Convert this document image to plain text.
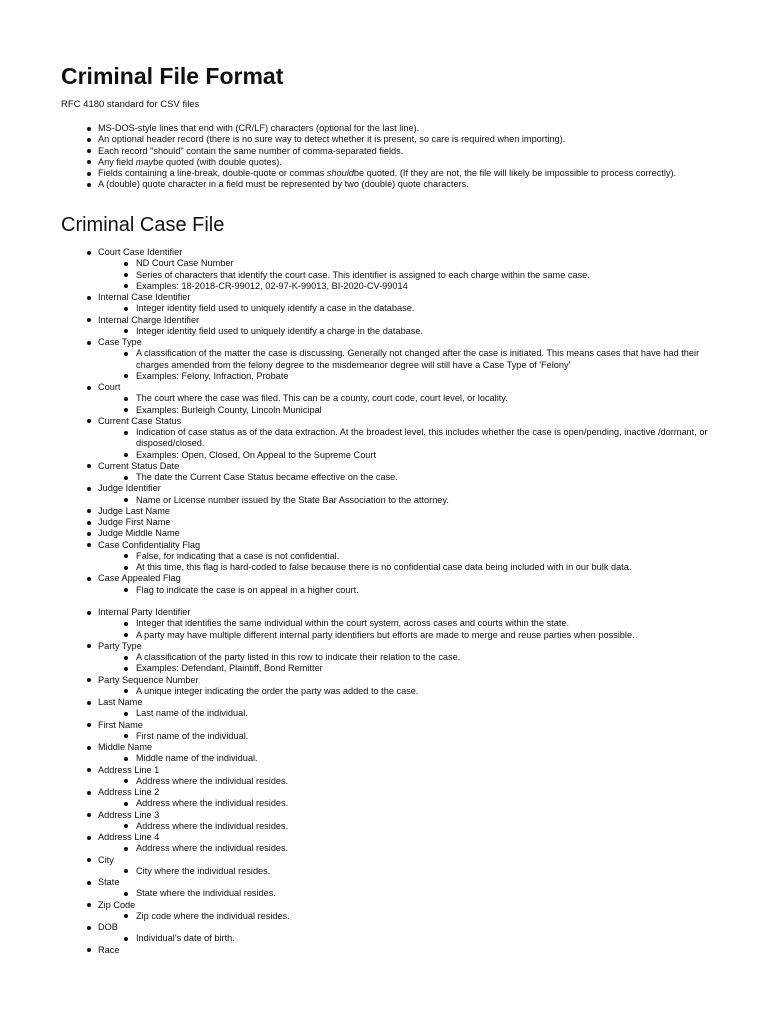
Criminal File Format
RFC 4180 standard for CSV files
MS-DOS-style lines that end with (CR/LF) characters (optional for the last line).
An optional header record (there is no sure way to detect whether it is present, so care is required when importing).
Each record "should" contain the same number of comma-separated fields.
Any field maybe quoted (with double quotes).
Fields containing a line-break, double-quote or commas shouldbe quoted. (If they are not, the file will likely be impossible to process correctly).
A (double) quote character in a field must be represented by two (double) quote characters.
Criminal Case File
Court Case Identifier
ND Court Case Number
Series of characters that identify the court case. This identifier is assigned to each charge within the same case.
Examples: 18-2018-CR-99012, 02-97-K-99013, BI-2020-CV-99014
Internal Case Identifier
Integer identity field used to uniquely identify a case in the database.
Internal Charge Identifier
Integer identity field used to uniquely identify a charge in the database.
Case Type
A classification of the matter the case is discussing. Generally not changed after the case is initiated. This means cases that have had their charges amended from the felony degree to the misdemeanor degree will still have a Case Type of 'Felony'
Examples: Felony, Infraction, Probate
Court
The court where the case was filed. This can be a county, court code, court level, or locality.
Examples: Burleigh County, Lincoln Municipal
Current Case Status
Indication of case status as of the data extraction. At the broadest level, this includes whether the case is open/pending, inactive /dormant, or disposed/closed.
Examples: Open, Closed, On Appeal to the Supreme Court
Current Status Date
The date the Current Case Status became effective on the case.
Judge Identifier
Name or License number issued by the State Bar Association to the attorney.
Judge Last Name
Judge First Name
Judge Middle Name
Case Confidentiality Flag
False, for indicating that a case is not confidential.
At this time, this flag is hard-coded to false because there is no confidential case data being included with in our bulk data.
Case Appealed Flag
Flag to indicate the case is on appeal in a higher court.
Internal Party Identifier
Integer that identifies the same individual within the court system, across cases and courts within the state.
A party may have multiple different internal party identifiers but efforts are made to merge and reuse parties when possible.
Party Type
A classification of the party listed in this row to indicate their relation to the case.
Examples: Defendant, Plaintiff, Bond Remitter
Party Sequence Number
A unique integer indicating the order the party was added to the case.
Last Name
Last name of the individual.
First Name
First name of the individual.
Middle Name
Middle name of the individual.
Address Line 1
Address where the individual resides.
Address Line 2
Address where the individual resides.
Address Line 3
Address where the individual resides.
Address Line 4
Address where the individual resides.
City
City where the individual resides.
State
State where the individual resides.
Zip Code
Zip code where the individual resides.
DOB
Individual's date of birth.
Race
